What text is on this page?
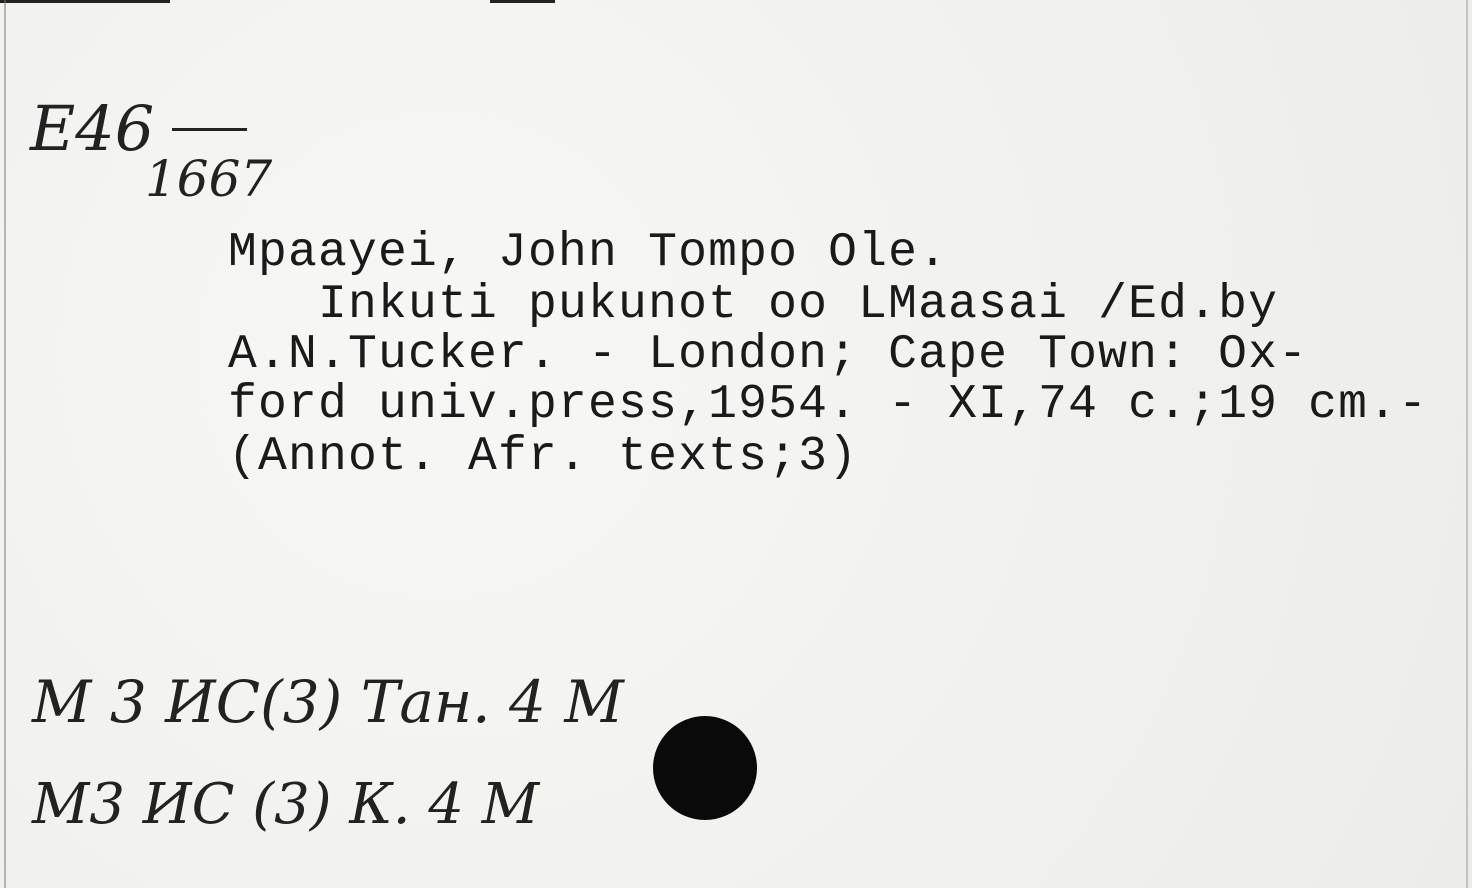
E46
1667
Mpaayei, John Tompo Ole.
Inkuti pukunot oo LMaasai /Ed.by
A.N.Tucker. - London; Cape Town: Ox-
ford univ.press,1954. - XI,74 c.;19 cm.-
(Annot. Afr. texts;3)
M 3 ИС(3) Тан. 4 М
М3 ИС (3) К. 4 М
